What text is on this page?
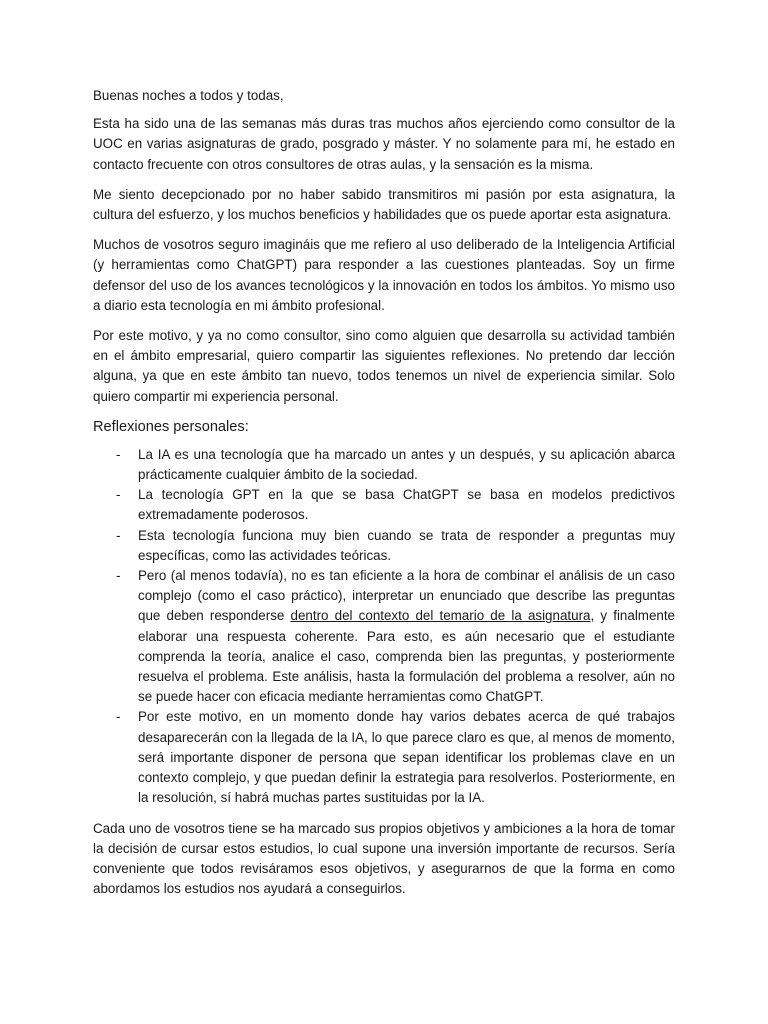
Buenas noches a todos y todas,

Esta ha sido una de las semanas más duras tras muchos años ejerciendo como consultor de la UOC en varias asignaturas de grado, posgrado y máster. Y no solamente para mí, he estado en contacto frecuente con otros consultores de otras aulas, y la sensación es la misma.

Me siento decepcionado por no haber sabido transmitiros mi pasión por esta asignatura, la cultura del esfuerzo, y los muchos beneficios y habilidades que os puede aportar esta asignatura.

Muchos de vosotros seguro imagináis que me refiero al uso deliberado de la Inteligencia Artificial (y herramientas como ChatGPT) para responder a las cuestiones planteadas. Soy un firme defensor del uso de los avances tecnológicos y la innovación en todos los ámbitos. Yo mismo uso a diario esta tecnología en mi ámbito profesional.

Por este motivo, y ya no como consultor, sino como alguien que desarrolla su actividad también en el ámbito empresarial, quiero compartir las siguientes reflexiones. No pretendo dar lección alguna, ya que en este ámbito tan nuevo, todos tenemos un nivel de experiencia similar. Solo quiero compartir mi experiencia personal.

Reflexiones personales:
- La IA es una tecnología que ha marcado un antes y un después, y su aplicación abarca prácticamente cualquier ámbito de la sociedad.
- La tecnología GPT en la que se basa ChatGPT se basa en modelos predictivos extremadamente poderosos.
- Esta tecnología funciona muy bien cuando se trata de responder a preguntas muy específicas, como las actividades teóricas.
- Pero (al menos todavía), no es tan eficiente a la hora de combinar el análisis de un caso complejo (como el caso práctico), interpretar un enunciado que describe las preguntas que deben responderse dentro del contexto del temario de la asignatura, y finalmente elaborar una respuesta coherente. Para esto, es aún necesario que el estudiante comprenda la teoría, analice el caso, comprenda bien las preguntas, y posteriormente resuelva el problema. Este análisis, hasta la formulación del problema a resolver, aún no se puede hacer con eficacia mediante herramientas como ChatGPT.
- Por este motivo, en un momento donde hay varios debates acerca de qué trabajos desaparecerán con la llegada de la IA, lo que parece claro es que, al menos de momento, será importante disponer de persona que sepan identificar los problemas clave en un contexto complejo, y que puedan definir la estrategia para resolverlos. Posteriormente, en la resolución, sí habrá muchas partes sustituidas por la IA.

Cada uno de vosotros tiene se ha marcado sus propios objetivos y ambiciones a la hora de tomar la decisión de cursar estos estudios, lo cual supone una inversión importante de recursos. Sería conveniente que todos revisáramos esos objetivos, y asegurarnos de que la forma en como abordamos los estudios nos ayudará a conseguirlos.
